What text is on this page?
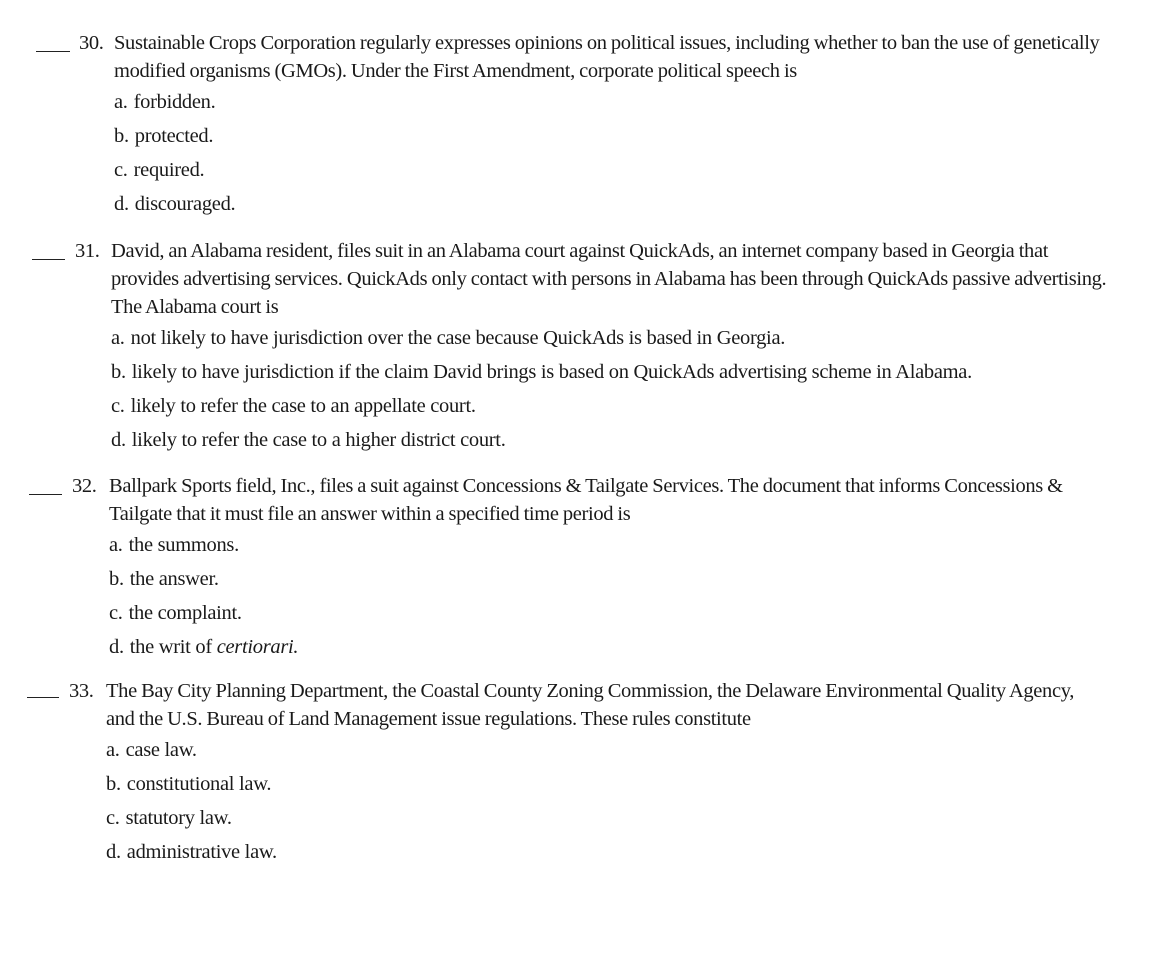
30. Sustainable Crops Corporation regularly expresses opinions on political issues, including whether to ban the use of genetically modified organisms (GMOs). Under the First Amendment, corporate political speech is
a. forbidden.
b. protected.
c. required.
d. discouraged.
31. David, an Alabama resident, files suit in an Alabama court against QuickAds, an internet company based in Georgia that provides advertising services. QuickAds only contact with persons in Alabama has been through QuickAds passive advertising. The Alabama court is
a. not likely to have jurisdiction over the case because QuickAds is based in Georgia.
b. likely to have jurisdiction if the claim David brings is based on QuickAds advertising scheme in Alabama.
c. likely to refer the case to an appellate court.
d. likely to refer the case to a higher district court.
32. Ballpark Sports field, Inc., files a suit against Concessions & Tailgate Services. The document that informs Concessions & Tailgate that it must file an answer within a specified time period is
a. the summons.
b. the answer.
c. the complaint.
d. the writ of certiorari.
33. The Bay City Planning Department, the Coastal County Zoning Commission, the Delaware Environmental Quality Agency, and the U.S. Bureau of Land Management issue regulations. These rules constitute
a. case law.
b. constitutional law.
c. statutory law.
d. administrative law.
